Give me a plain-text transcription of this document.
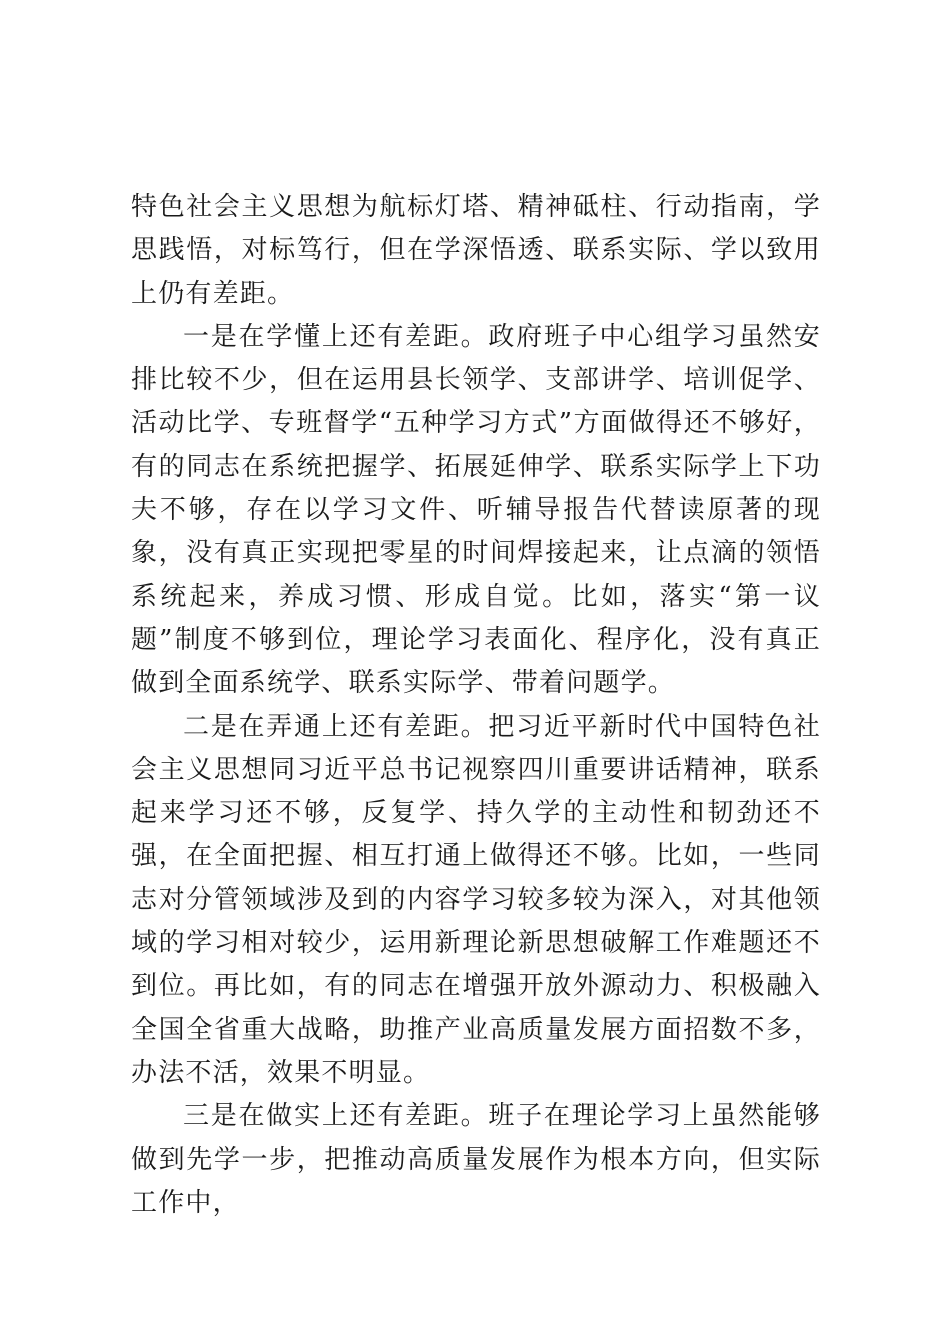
特色社会主义思想为航标灯塔、精神砥柱、行动指南，学思践悟，对标笃行，但在学深悟透、联系实际、学以致用上仍有差距。

一是在学懂上还有差距。政府班子中心组学习虽然安排比较不少，但在运用县长领学、支部讲学、培训促学、活动比学、专班督学“五种学习方式”方面做得还不够好，有的同志在系统把握学、拓展延伸学、联系实际学上下功夫不够，存在以学习文件、听辅导报告代替读原著的现象，没有真正实现把零星的时间焊接起来，让点滴的领悟系统起来，养成习惯、形成自觉。比如，落实“第一议题”制度不够到位，理论学习表面化、程序化，没有真正做到全面系统学、联系实际学、带着问题学。

二是在弄通上还有差距。把习近平新时代中国特色社会主义思想同习近平总书记视察四川重要讲话精神，联系起来学习还不够，反复学、持久学的主动性和韧劲还不强，在全面把握、相互打通上做得还不够。比如，一些同志对分管领域涉及到的内容学习较多较为深入，对其他领域的学习相对较少，运用新理论新思想破解工作难题还不到位。再比如，有的同志在增强开放外源动力、积极融入全国全省重大战略，助推产业高质量发展方面招数不多，办法不活，效果不明显。

三是在做实上还有差距。班子在理论学习上虽然能够做到先学一步，把推动高质量发展作为根本方向，但实际工作中，
